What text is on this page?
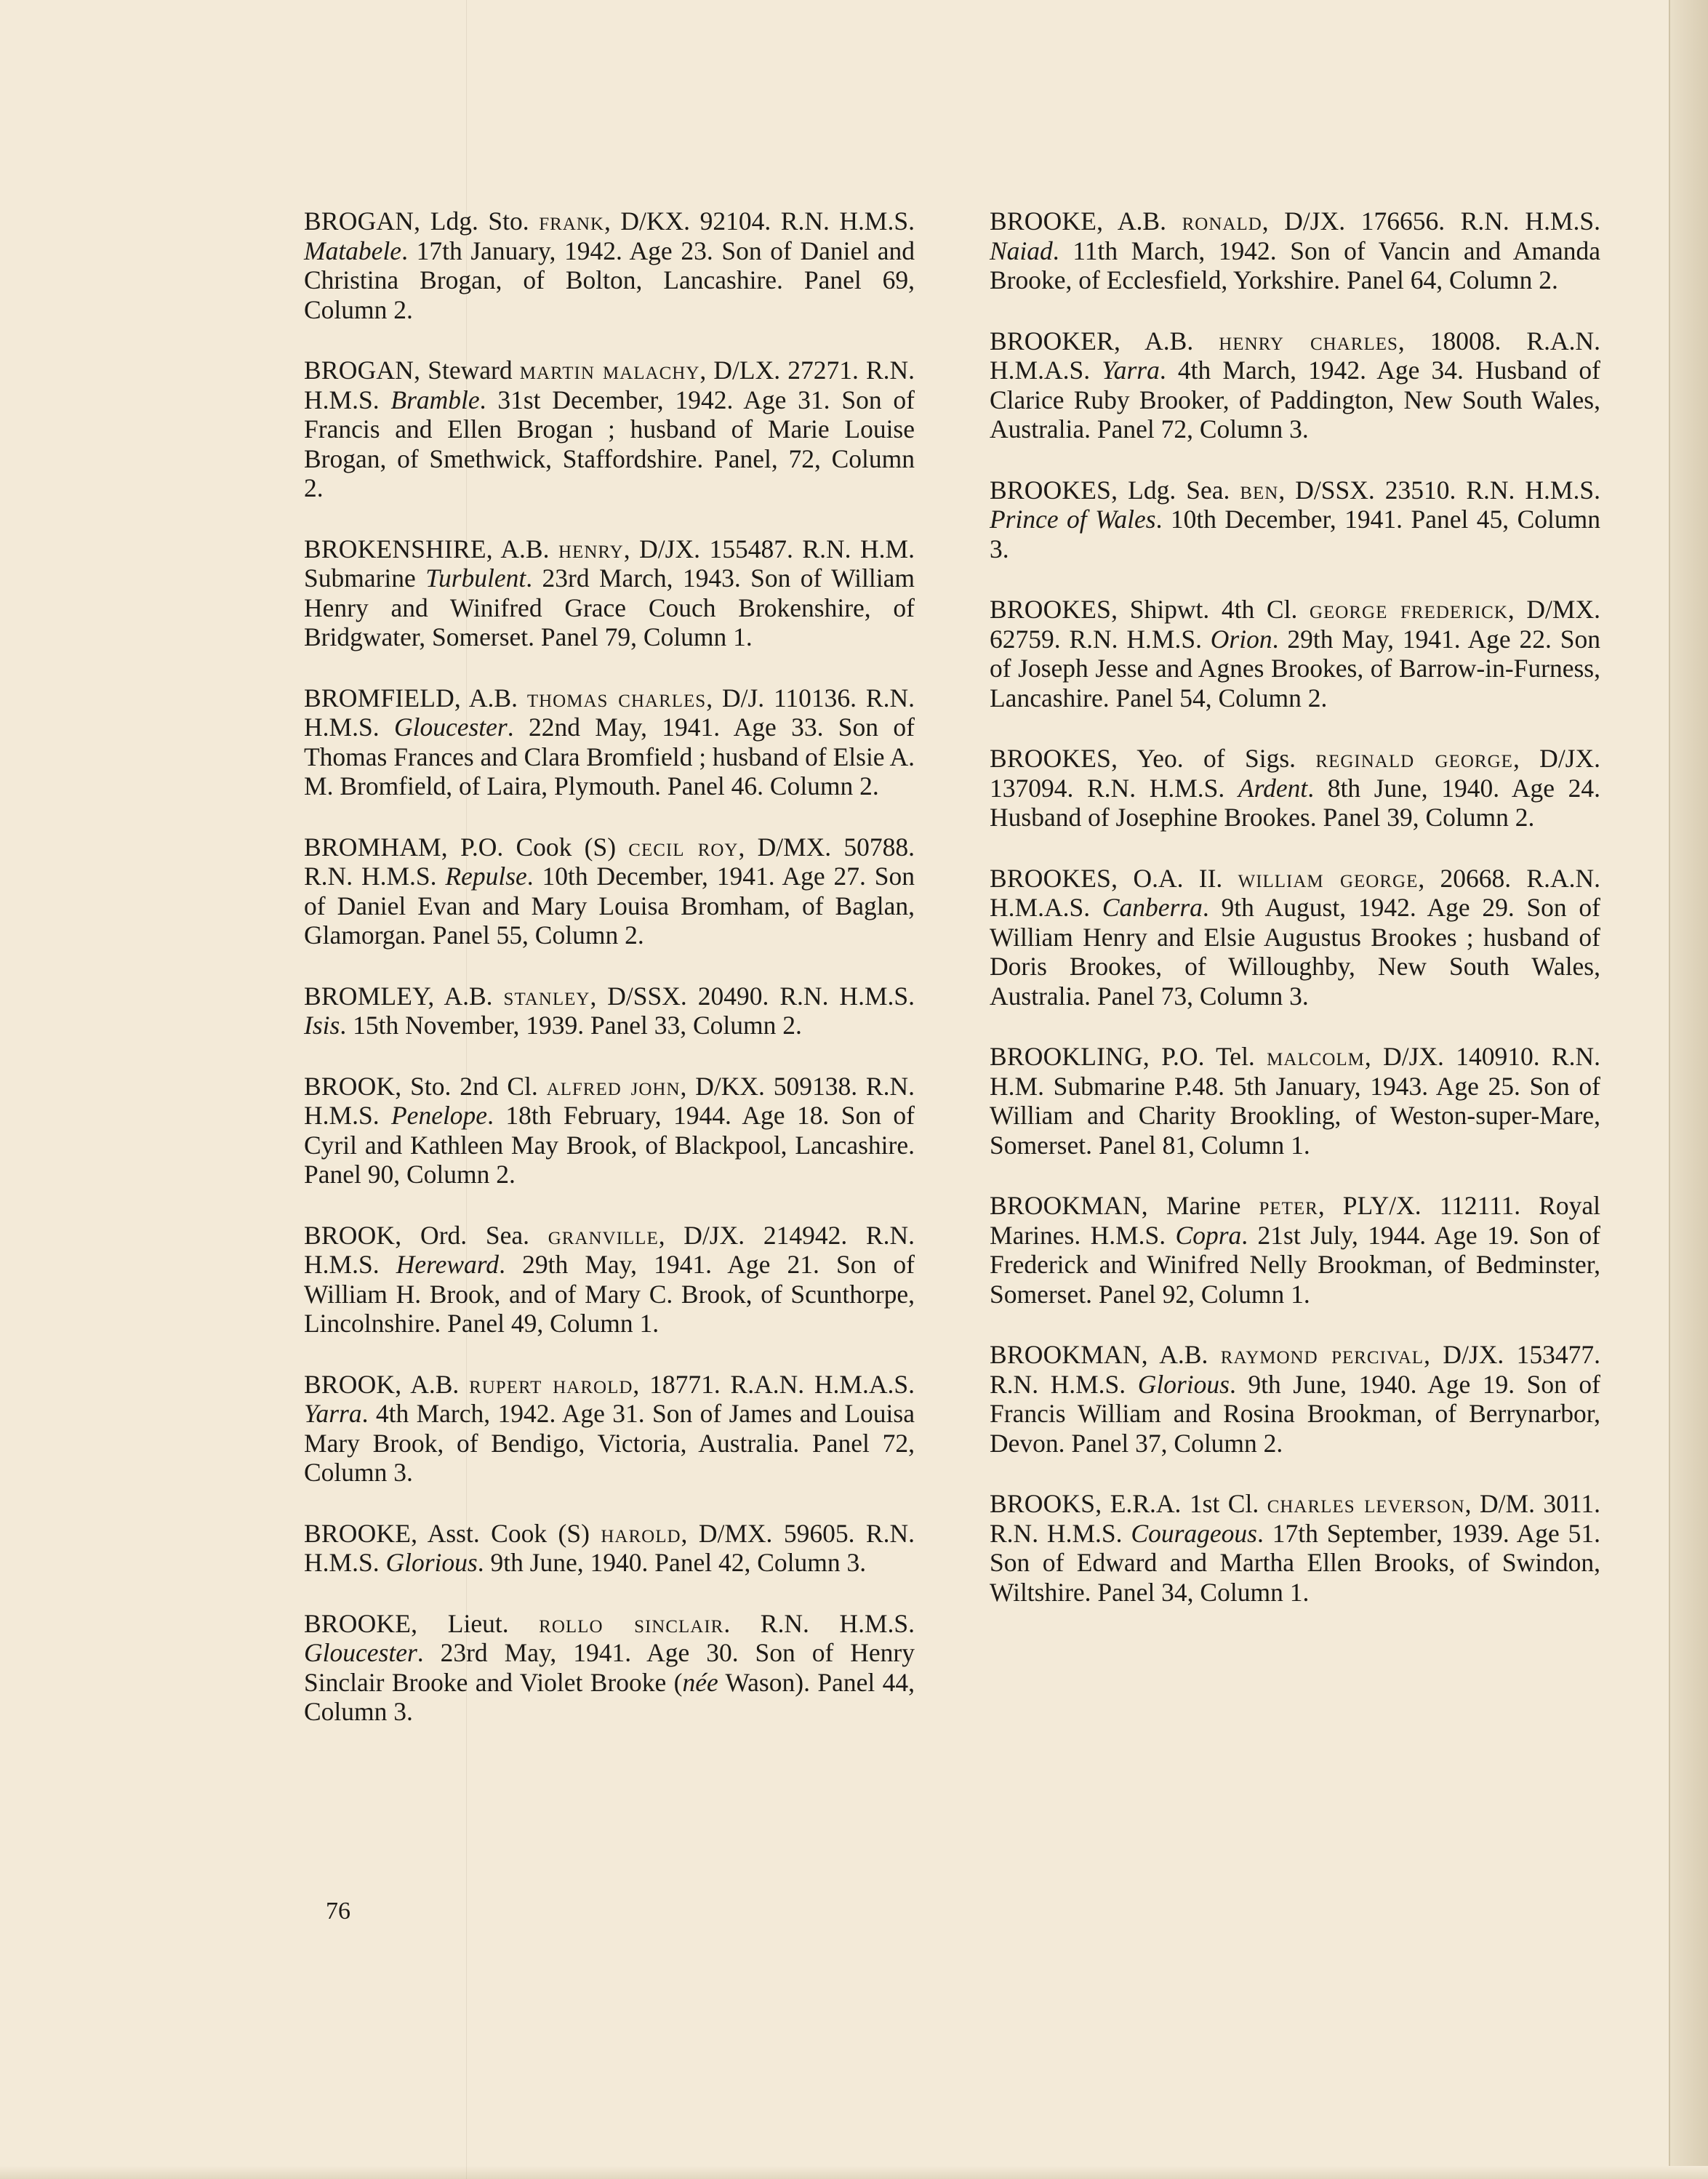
BROGAN, Ldg. Sto. frank, D/KX. 92104. R.N. H.M.S. Matabele. 17th January, 1942. Age 23. Son of Daniel and Christina Brogan, of Bolton, Lancashire. Panel 69, Column 2.

BROGAN, Steward martin malachy, D/LX. 27271. R.N. H.M.S. Bramble. 31st December, 1942. Age 31. Son of Francis and Ellen Brogan ; husband of Marie Louise Brogan, of Smethwick, Staffordshire. Panel, 72, Column 2.

BROKENSHIRE, A.B. henry, D/JX. 155487. R.N. H.M. Submarine Turbulent. 23rd March, 1943. Son of William Henry and Winifred Grace Couch Brokenshire, of Bridgwater, Somerset. Panel 79, Column 1.

BROMFIELD, A.B. thomas charles, D/J. 110136. R.N. H.M.S. Gloucester. 22nd May, 1941. Age 33. Son of Thomas Frances and Clara Bromfield ; husband of Elsie A. M. Bromfield, of Laira, Plymouth. Panel 46. Column 2.

BROMHAM, P.O. Cook (S) cecil roy, D/MX. 50788. R.N. H.M.S. Repulse. 10th December, 1941. Age 27. Son of Daniel Evan and Mary Louisa Bromham, of Baglan, Glamorgan. Panel 55, Column 2.

BROMLEY, A.B. stanley, D/SSX. 20490. R.N. H.M.S. Isis. 15th November, 1939. Panel 33, Column 2.

BROOK, Sto. 2nd Cl. alfred john, D/KX. 509138. R.N. H.M.S. Penelope. 18th February, 1944. Age 18. Son of Cyril and Kathleen May Brook, of Blackpool, Lancashire. Panel 90, Column 2.

BROOK, Ord. Sea. granville, D/JX. 214942. R.N. H.M.S. Hereward. 29th May, 1941. Age 21. Son of William H. Brook, and of Mary C. Brook, of Scunthorpe, Lincolnshire. Panel 49, Column 1.

BROOK, A.B. rupert harold, 18771. R.A.N. H.M.A.S. Yarra. 4th March, 1942. Age 31. Son of James and Louisa Mary Brook, of Bendigo, Victoria, Australia. Panel 72, Column 3.

BROOKE, Asst. Cook (S) harold, D/MX. 59605. R.N. H.M.S. Glorious. 9th June, 1940. Panel 42, Column 3.

BROOKE, Lieut. rollo sinclair. R.N. H.M.S. Gloucester. 23rd May, 1941. Age 30. Son of Henry Sinclair Brooke and Violet Brooke (née Wason). Panel 44, Column 3.

BROOKE, A.B. ronald, D/JX. 176656. R.N. H.M.S. Naiad. 11th March, 1942. Son of Vancin and Amanda Brooke, of Ecclesfield, Yorkshire. Panel 64, Column 2.

BROOKER, A.B. henry charles, 18008. R.A.N. H.M.A.S. Yarra. 4th March, 1942. Age 34. Husband of Clarice Ruby Brooker, of Paddington, New South Wales, Australia. Panel 72, Column 3.

BROOKES, Ldg. Sea. ben, D/SSX. 23510. R.N. H.M.S. Prince of Wales. 10th December, 1941. Panel 45, Column 3.

BROOKES, Shipwt. 4th Cl. george frederick, D/MX. 62759. R.N. H.M.S. Orion. 29th May, 1941. Age 22. Son of Joseph Jesse and Agnes Brookes, of Barrow-in-Furness, Lancashire. Panel 54, Column 2.

BROOKES, Yeo. of Sigs. reginald george, D/JX. 137094. R.N. H.M.S. Ardent. 8th June, 1940. Age 24. Husband of Josephine Brookes. Panel 39, Column 2.

BROOKES, O.A. II. william george, 20668. R.A.N. H.M.A.S. Canberra. 9th August, 1942. Age 29. Son of William Henry and Elsie Augustus Brookes ; husband of Doris Brookes, of Willoughby, New South Wales, Australia. Panel 73, Column 3.

BROOKLING, P.O. Tel. malcolm, D/JX. 140910. R.N. H.M. Submarine P.48. 5th January, 1943. Age 25. Son of William and Charity Brookling, of Weston-super-Mare, Somerset. Panel 81, Column 1.

BROOKMAN, Marine peter, PLY/X. 112111. Royal Marines. H.M.S. Copra. 21st July, 1944. Age 19. Son of Frederick and Winifred Nelly Brookman, of Bedminster, Somerset. Panel 92, Column 1.

BROOKMAN, A.B. raymond percival, D/JX. 153477. R.N. H.M.S. Glorious. 9th June, 1940. Age 19. Son of Francis William and Rosina Brookman, of Berrynarbor, Devon. Panel 37, Column 2.

BROOKS, E.R.A. 1st Cl. charles leverson, D/M. 3011. R.N. H.M.S. Courageous. 17th September, 1939. Age 51. Son of Edward and Martha Ellen Brooks, of Swindon, Wiltshire. Panel 34, Column 1.

76
